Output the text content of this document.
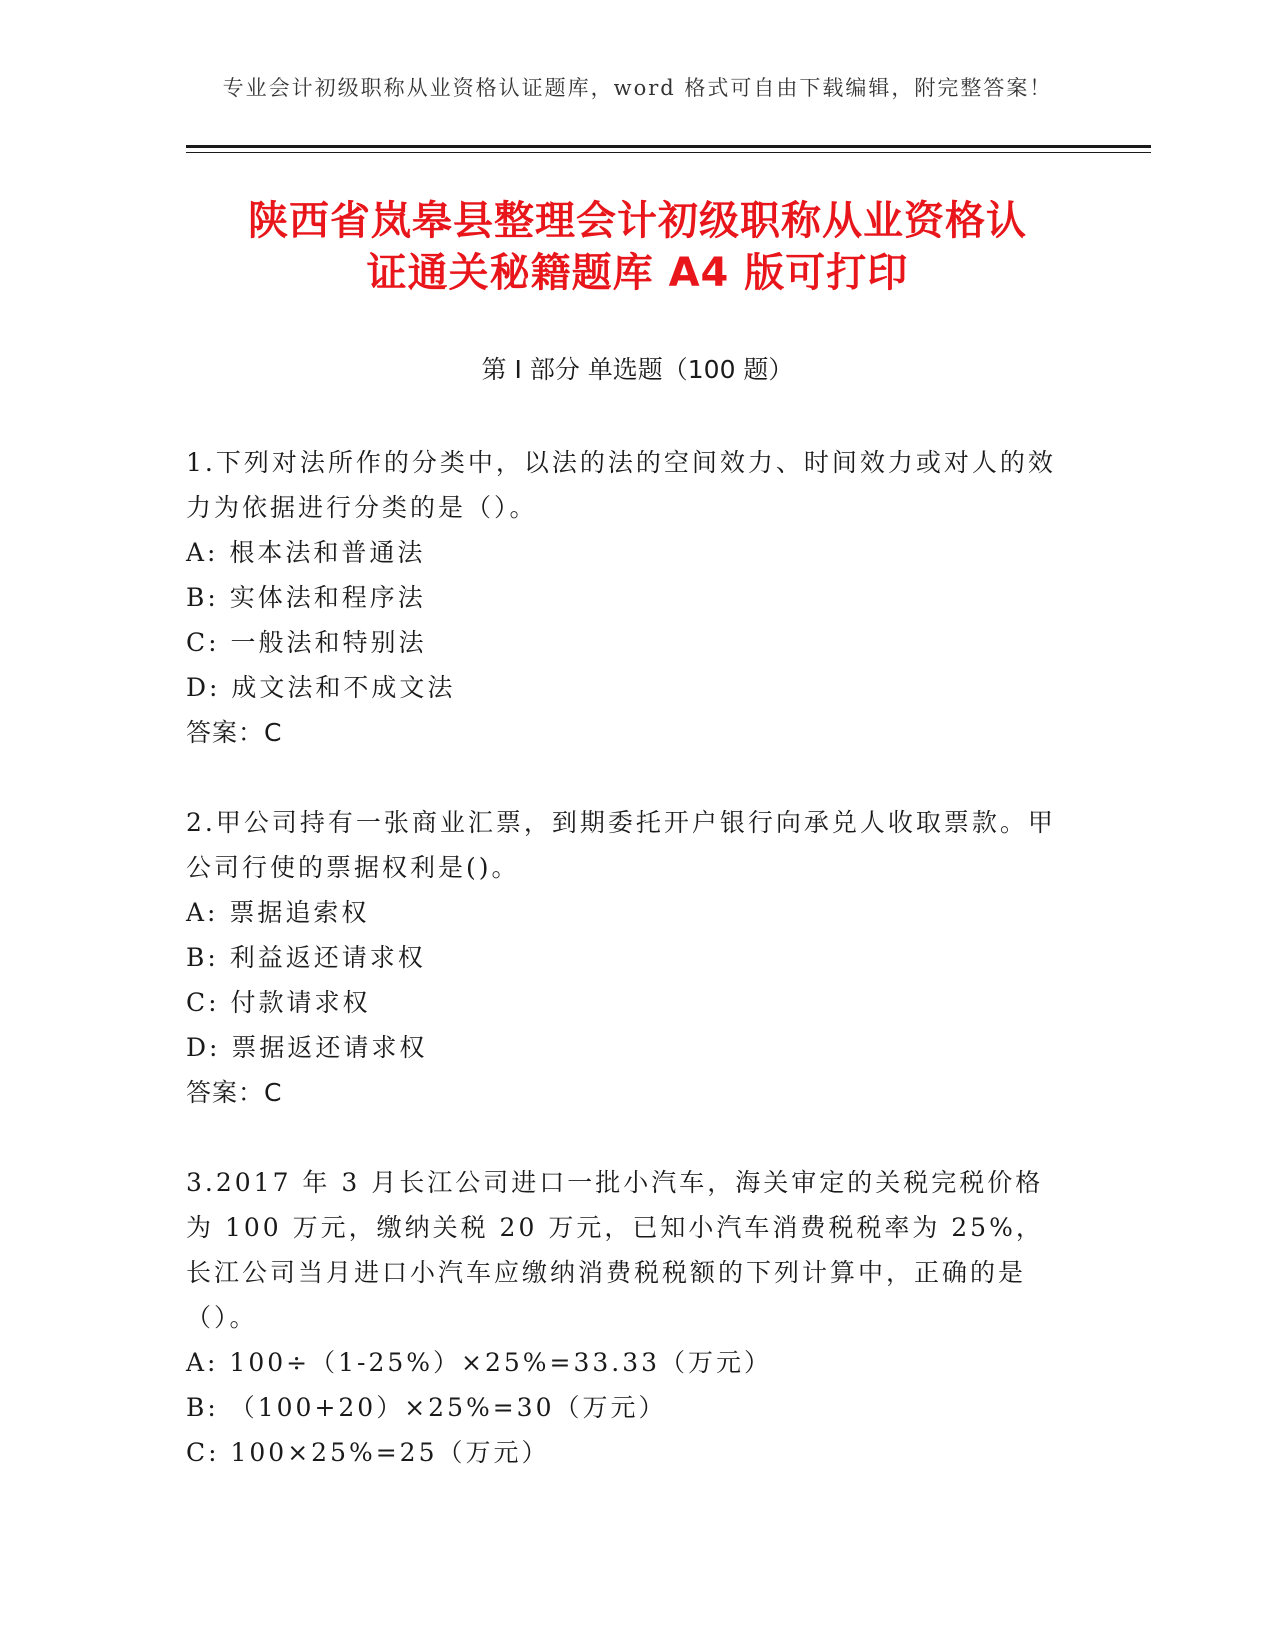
专业会计初级职称从业资格认证题库，word 格式可自由下载编辑，附完整答案！
陕西省岚皋县整理会计初级职称从业资格认
证通关秘籍题库 A4 版可打印
第 I 部分 单选题（100 题）

1.下列对法所作的分类中，以法的法的空间效力、时间效力或对人的效力为依据进行分类的是（）。

A: 根本法和普通法

B: 实体法和程序法

C: 一般法和特别法

D: 成文法和不成文法

答案：C

2.甲公司持有一张商业汇票，到期委托开户银行向承兑人收取票款。甲公司行使的票据权利是()。

A: 票据追索权

B: 利益返还请求权

C: 付款请求权

D: 票据返还请求权

答案：C

3.2017 年 3 月长江公司进口一批小汽车，海关审定的关税完税价格为 100 万元，缴纳关税 20 万元，已知小汽车消费税税率为 25%，长江公司当月进口小汽车应缴纳消费税税额的下列计算中，正确的是（）。

A: 100÷（1-25%）×25%=33.33（万元）

B: （100+20）×25%=30（万元）

C: 100×25%=25（万元）
